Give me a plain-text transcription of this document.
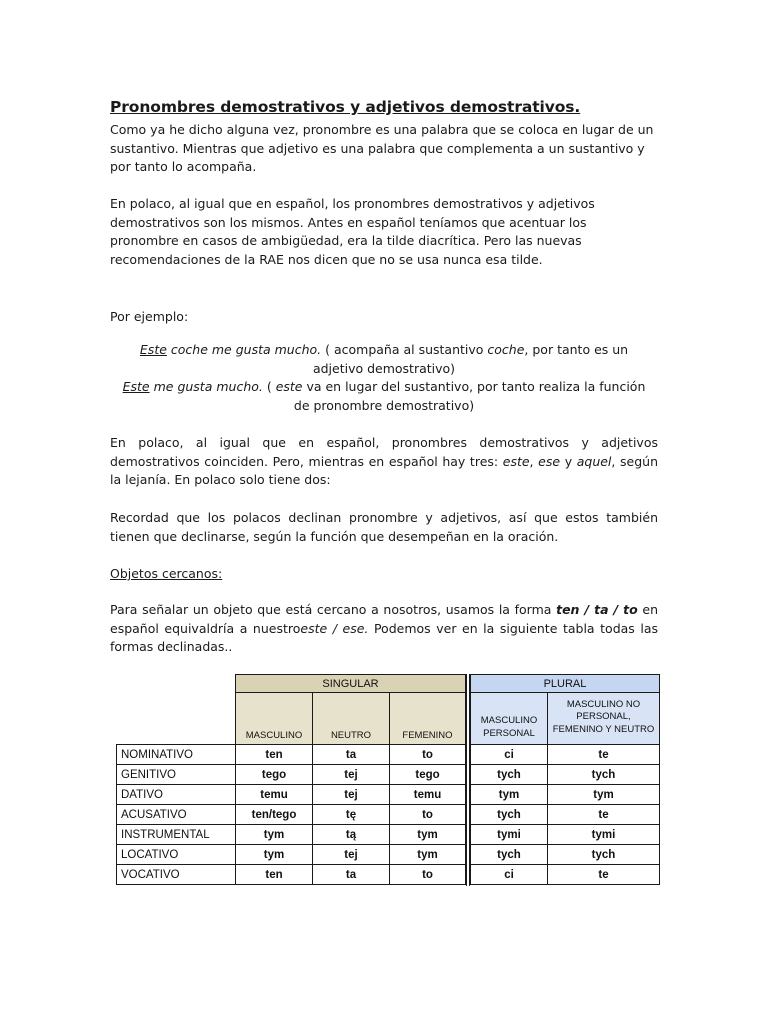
Pronombres demostrativos y adjetivos demostrativos.
Como ya he dicho alguna vez, pronombre es una palabra que se coloca en lugar de un sustantivo. Mientras que adjetivo es una palabra que complementa a un sustantivo y por tanto lo acompaña.
En polaco, al igual que en español, los pronombres demostrativos y adjetivos demostrativos son los mismos. Antes en español teníamos que acentuar los pronombre en casos de ambigüedad, era la tilde diacrítica. Pero las nuevas recomendaciones de la RAE nos dicen que no se usa nunca esa tilde.
Por ejemplo:
Este coche me gusta mucho. ( acompaña al sustantivo coche, por tanto es un adjetivo demostrativo)
Este me gusta mucho. ( este va en lugar del sustantivo, por tanto realiza la función de pronombre demostrativo)
En polaco, al igual que en español, pronombres demostrativos y adjetivos demostrativos coinciden. Pero, mientras en español hay tres: este, ese y aquel, según la lejanía. En polaco solo tiene dos:
Recordad que los polacos declinan pronombre y adjetivos, así que estos también tienen que declinarse, según la función que desempeñan en la oración.
Objetos cercanos:
Para señalar un objeto que está cercano a nosotros, usamos la forma ten / ta / to en español equivaldría a nuestroeste / ese. Podemos ver en la siguiente tabla todas las formas declinadas..
SINGULAR	PLURAL
MASCULINO	NEUTRO	FEMENINO
MASCULINO PERSONAL
MASCULINO NO PERSONAL, FEMENINO Y NEUTRO
NOMINATIVO	ten	ta	to	ci	te
GENITIVO	tego	tej	tego	tych	tych
DATIVO	temu	tej	temu	tym	tym
ACUSATIVO	ten/tego	tę	to	tych	te
INSTRUMENTAL	tym	tą	tym	tymi	tymi
LOCATIVO	tym	tej	tym	tych	tych
VOCATIVO	ten	ta	to	ci	te
